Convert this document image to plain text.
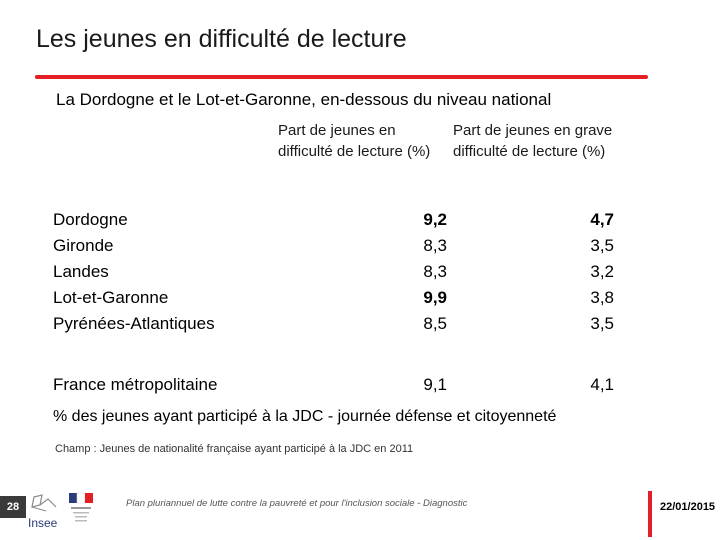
Les jeunes en difficulté de lecture
La Dordogne et le Lot-et-Garonne, en-dessous du niveau national
Part de jeunes en difficulté de lecture (%)
Part de jeunes en grave difficulté de lecture (%)
Dordogne	9,2	4,7
Gironde	8,3	3,5
Landes	8,3	3,2
Lot-et-Garonne	9,9	3,8
Pyrénées-Atlantiques	8,5	3,5
France métropolitaine	9,1	4,1
% des jeunes ayant participé à la JDC - journée défense et citoyenneté
Champ : Jeunes de nationalité française ayant participé à la JDC en 2011
28
Insee
Plan pluriannuel de lutte contre la pauvreté et pour l'inclusion sociale - Diagnostic	22/01/2015
